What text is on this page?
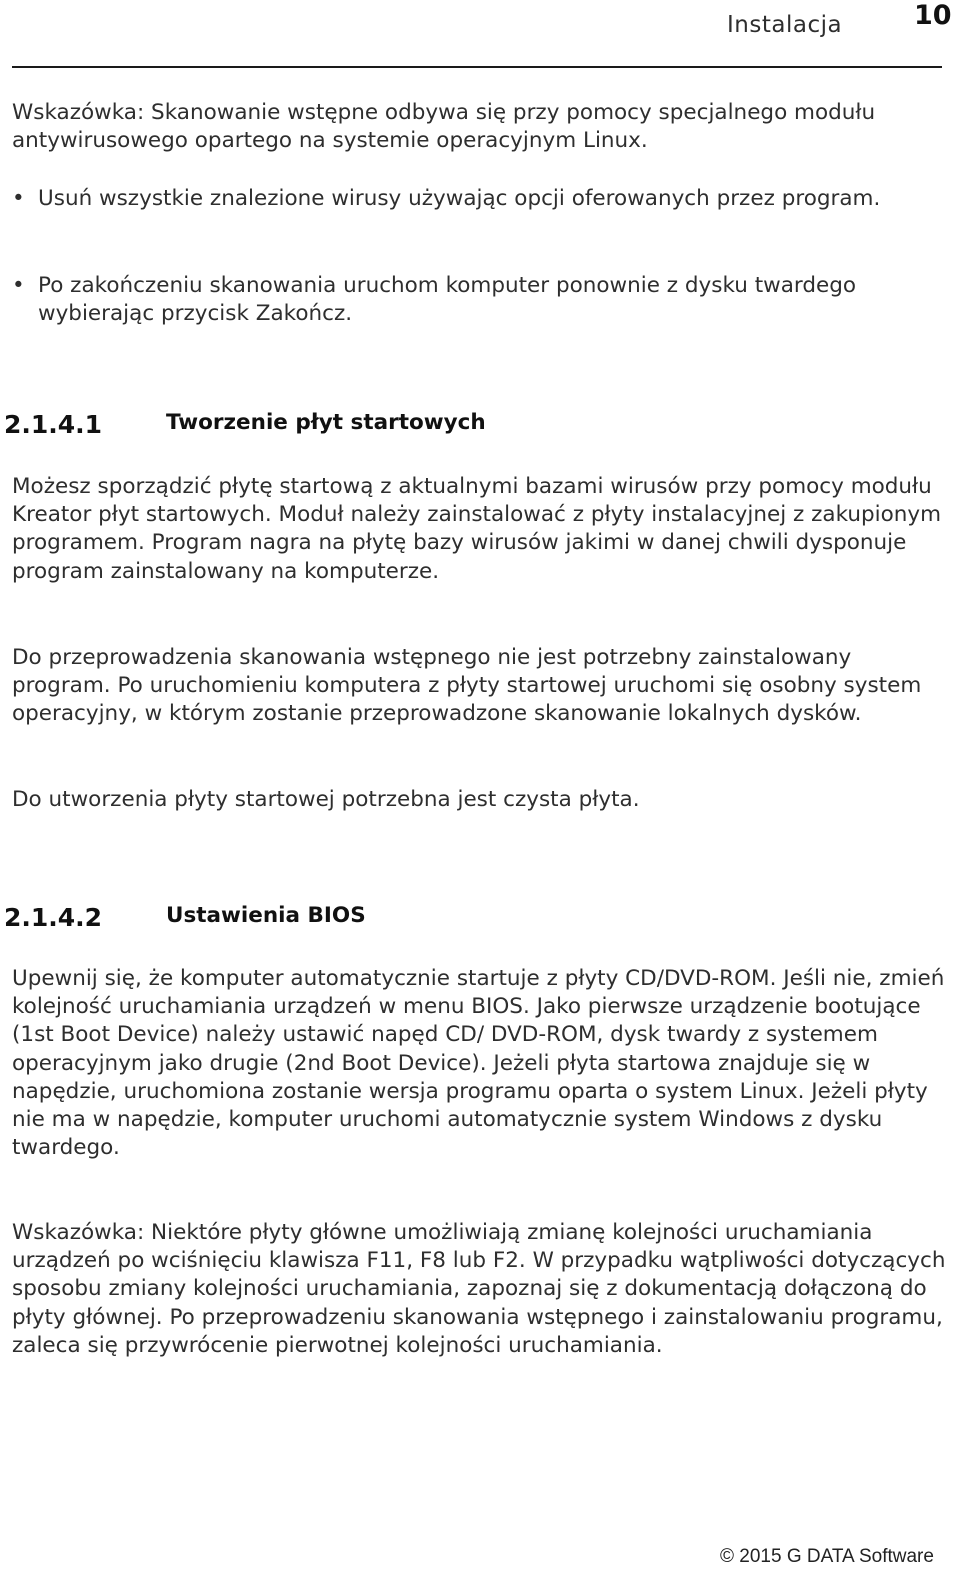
Instalacja	10

Wskazówka: Skanowanie wstępne odbywa się przy pomocy specjalnego modułu antywirusowego opartego na systemie operacyjnym Linux.

• Usuń wszystkie znalezione wirusy używając opcji oferowanych przez program.
• Po zakończeniu skanowania uruchom komputer ponownie z dysku twardego wybierając przycisk Zakończ.
2.1.4.1	Tworzenie płyt startowych

Możesz sporządzić płytę startową z aktualnymi bazami wirusów przy pomocy modułu Kreator płyt startowych. Moduł należy zainstalować z płyty instalacyjnej z zakupionym programem. Program nagra na płytę bazy wirusów jakimi w danej chwili dysponuje program zainstalowany na komputerze.

Do przeprowadzenia skanowania wstępnego nie jest potrzebny zainstalowany program. Po uruchomieniu komputera z płyty startowej uruchomi się osobny system operacyjny, w którym zostanie przeprowadzone skanowanie lokalnych dysków.

Do utworzenia płyty startowej potrzebna jest czysta płyta.

2.1.4.2	Ustawienia BIOS

Upewnij się, że komputer automatycznie startuje z płyty CD/DVD-ROM. Jeśli nie, zmień kolejność uruchamiania urządzeń w menu BIOS. Jako pierwsze urządzenie bootujące (1st Boot Device) należy ustawić napęd CD/ DVD-ROM, dysk twardy z systemem operacyjnym jako drugie (2nd Boot Device). Jeżeli płyta startowa znajduje się w napędzie, uruchomiona zostanie wersja programu oparta o system Linux. Jeżeli płyty nie ma w napędzie, komputer uruchomi automatycznie system Windows z dysku twardego.

Wskazówka: Niektóre płyty główne umożliwiają zmianę kolejności uruchamiania urządzeń po wciśnięciu klawisza F11, F8 lub F2. W przypadku wątpliwości dotyczących sposobu zmiany kolejności uruchamiania, zapoznaj się z dokumentacją dołączoną do płyty głównej. Po przeprowadzeniu skanowania wstępnego i zainstalowaniu programu, zaleca się przywrócenie pierwotnej kolejności uruchamiania.

© 2015 G DATA Software
